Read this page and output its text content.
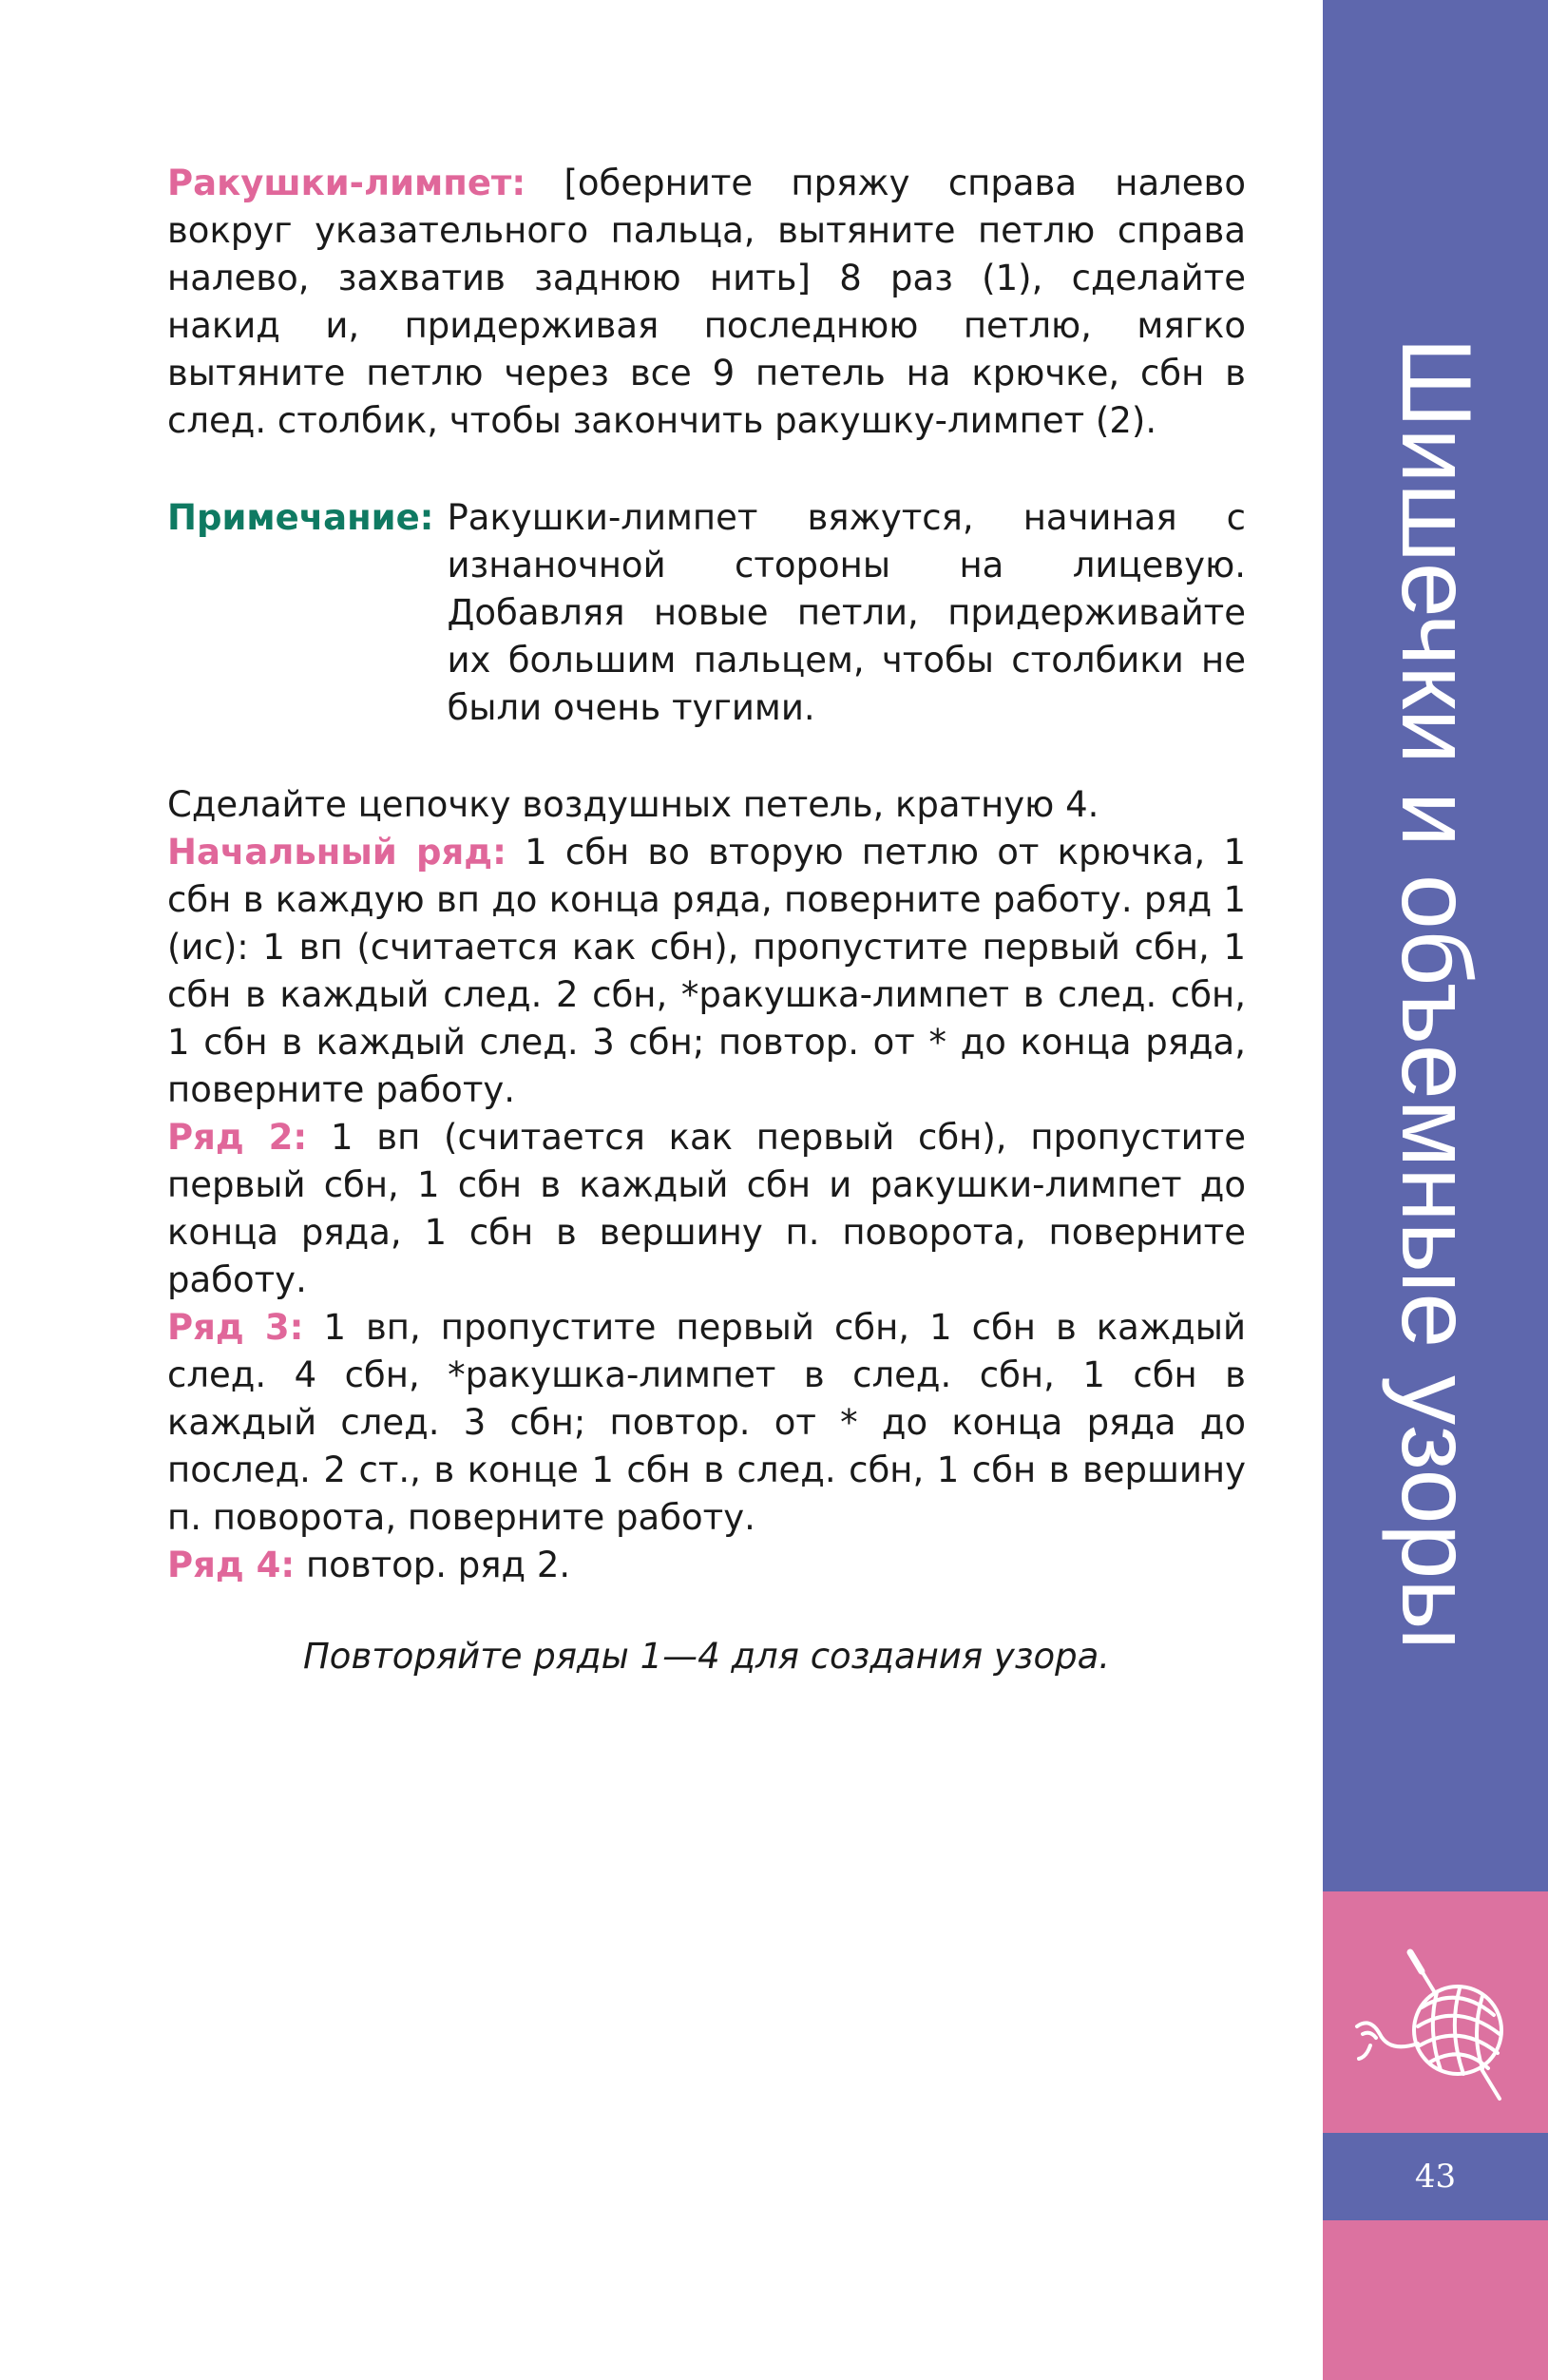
Ракушки-лимпет: [оберните пряжу справа налево вокруг указательного пальца, вытяните петлю справа налево, захватив заднюю нить] 8 раз (1), сделайте накид и, придерживая последнюю петлю, мягко вытяните петлю через все 9 петель на крючке, сбн в след. столбик, чтобы закончить ракушку-лимпет (2).

Примечание: Ракушки-лимпет вяжутся, начиная с изнаночной стороны на лицевую. Добавляя новые петли, придерживайте их большим пальцем, чтобы столбики не были очень тугими.

Сделайте цепочку воздушных петель, кратную 4.

Начальный ряд: 1 сбн во вторую петлю от крючка, 1 сбн в каждую вп до конца ряда, поверните работу. ряд 1 (ис): 1 вп (считается как сбн), пропустите первый сбн, 1 сбн в каждый след. 2 сбн, *ракушка-лимпет в след. сбн, 1 сбн в каждый след. 3 сбн; повтор. от * до конца ряда, поверните работу.

Ряд 2: 1 вп (считается как первый сбн), пропустите первый сбн, 1 сбн в каждый сбн и ракушки-лимпет до конца ряда, 1 сбн в вершину п. поворота, поверните работу.

Ряд 3: 1 вп, пропустите первый сбн, 1 сбн в каждый след. 4 сбн, *ракушка-лимпет в след. сбн, 1 сбн в каждый след. 3 сбн; повтор. от * до конца ряда до послед. 2 ст., в конце 1 сбн в след. сбн, 1 сбн в вершину п. поворота, поверните работу.

Ряд 4: повтор. ряд 2.

Повторяйте ряды 1—4 для создания узора.

Шишечки и объемные узоры
43
